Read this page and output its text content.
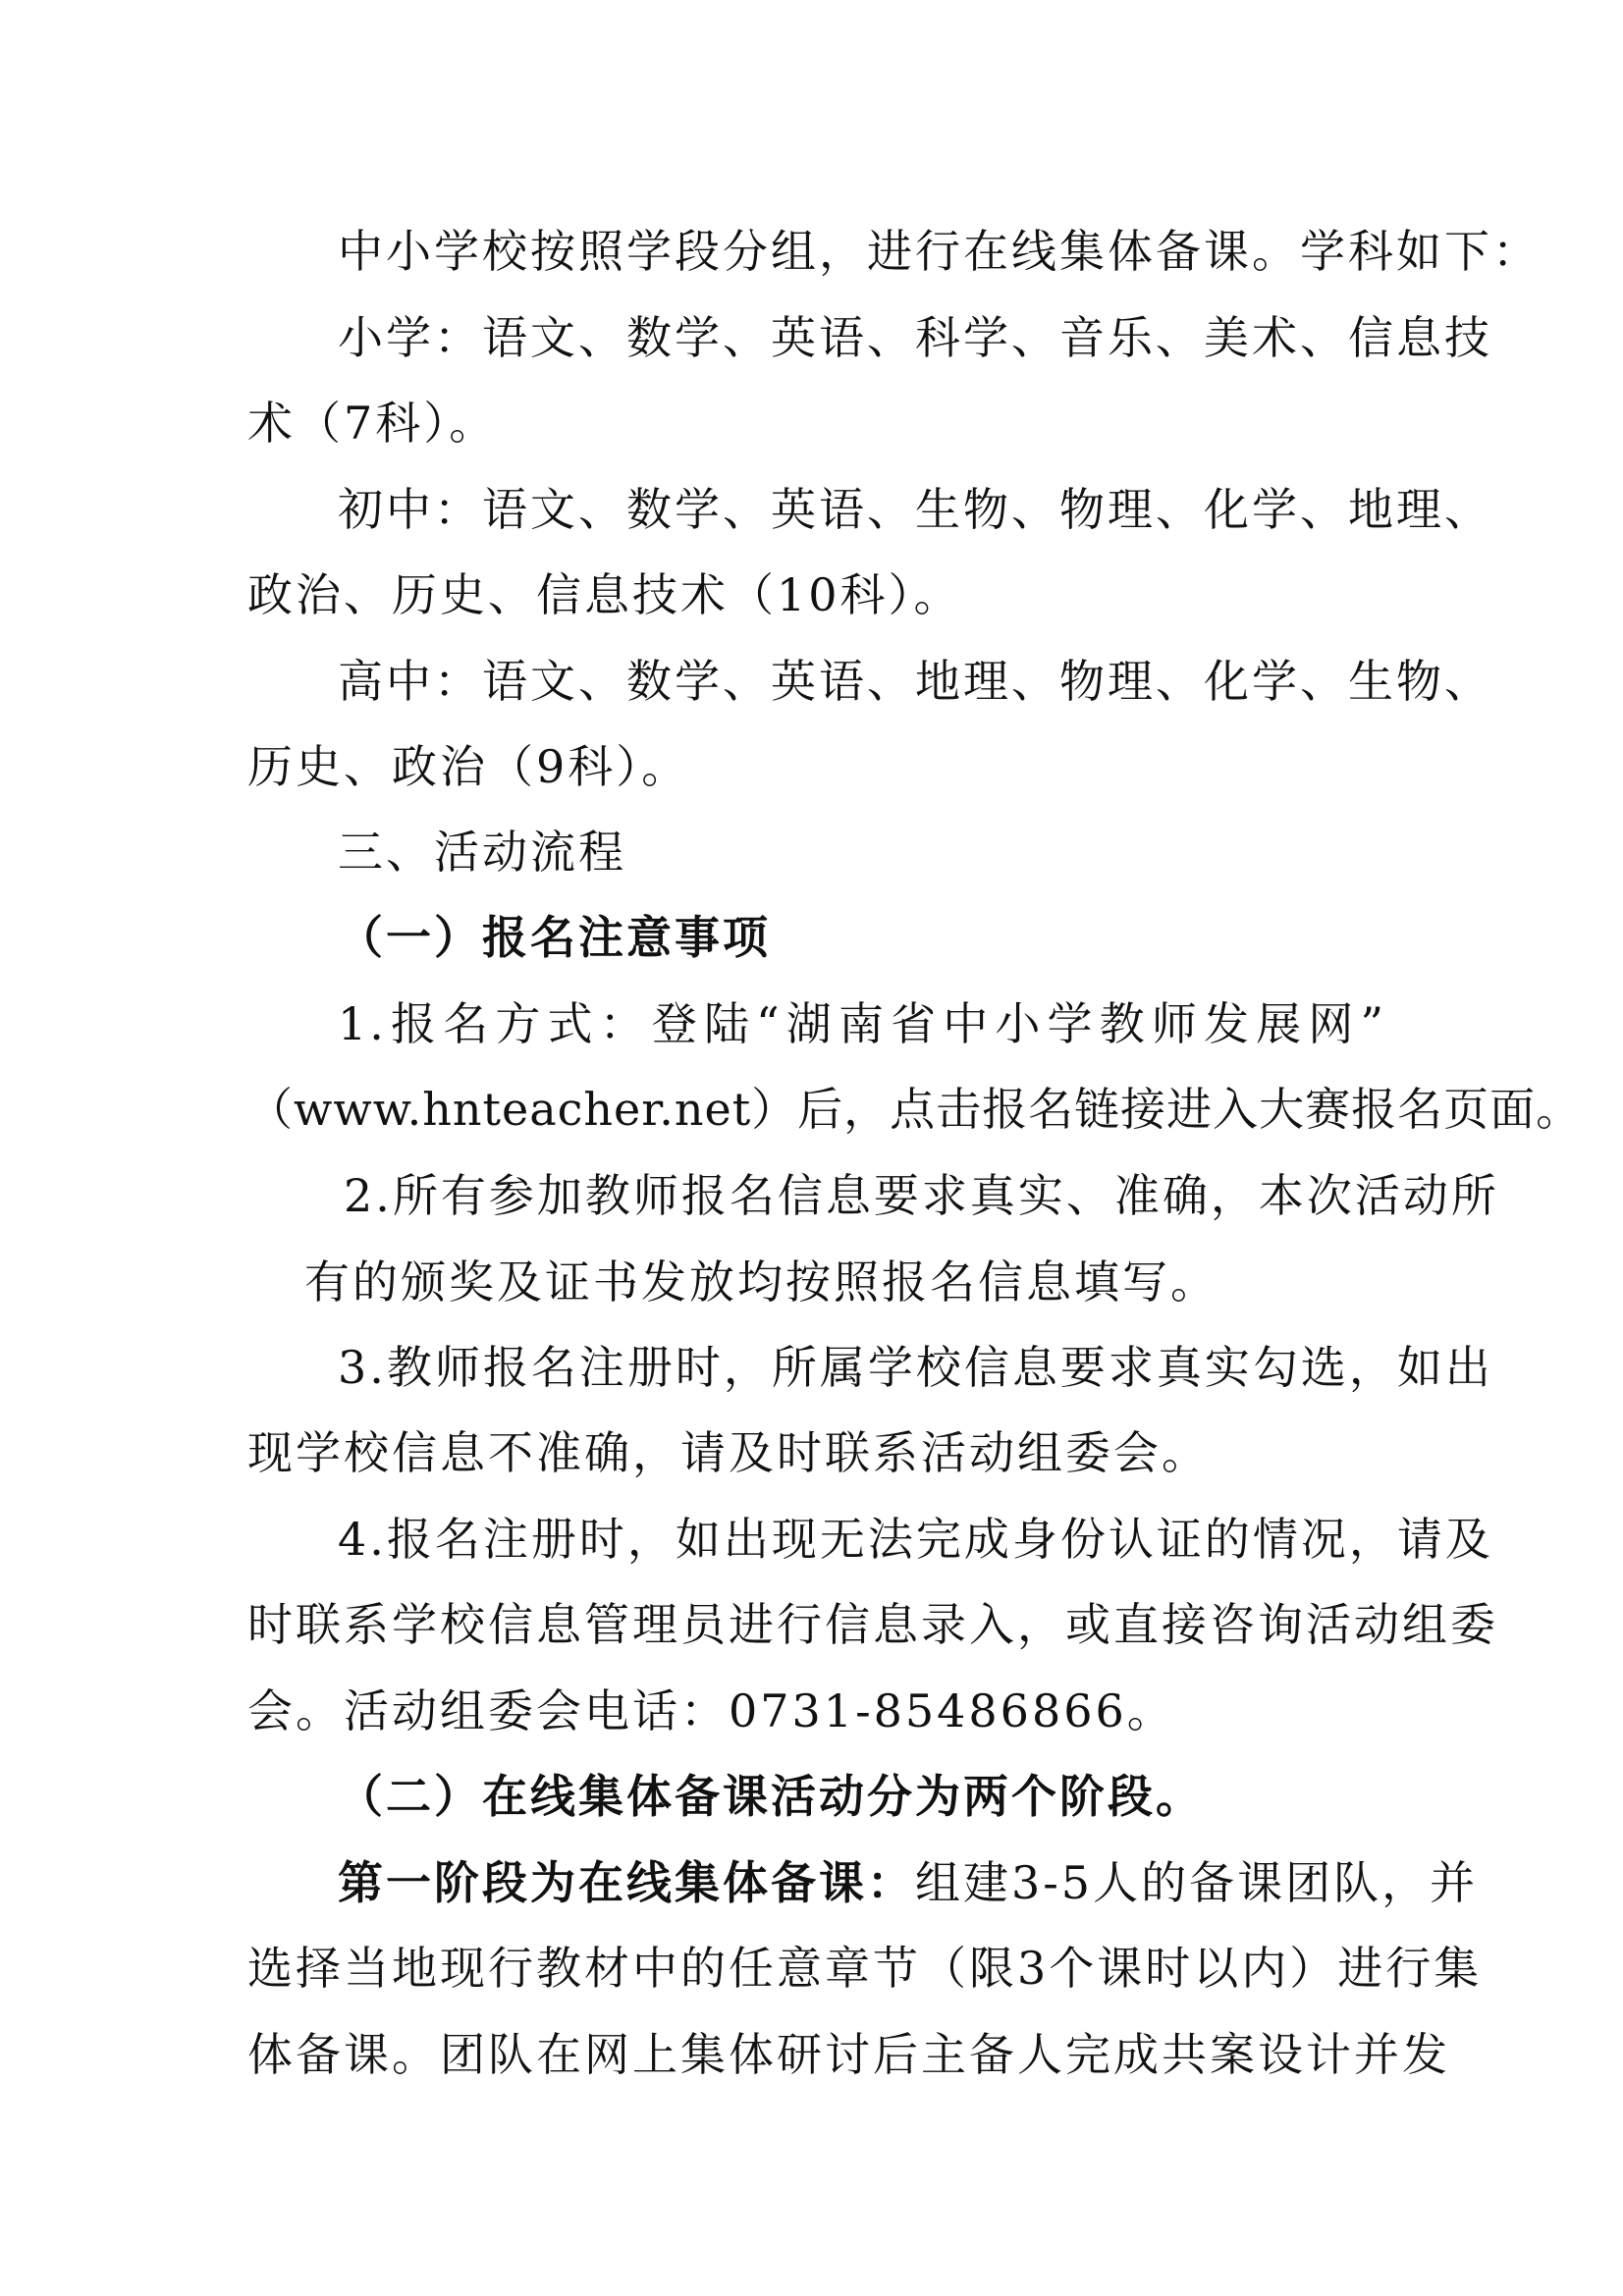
中小学校按照学段分组，进行在线集体备课。学科如下：
小学：语文、数学、英语、科学、音乐、美术、信息技
术（7科）。
初中：语文、数学、英语、生物、物理、化学、地理、
政治、历史、信息技术（10科）。
高中：语文、数学、英语、地理、物理、化学、生物、
历史、政治（9科）。
三、活动流程
（一）报名注意事项
1.报名方式：登陆“湖南省中小学教师发展网”
（www.hnteacher.net）后，点击报名链接进入大赛报名页面。
2.所有参加教师报名信息要求真实、准确，本次活动所
有的颁奖及证书发放均按照报名信息填写。
3.教师报名注册时，所属学校信息要求真实勾选，如出
现学校信息不准确，请及时联系活动组委会。
4.报名注册时，如出现无法完成身份认证的情况，请及
时联系学校信息管理员进行信息录入，或直接咨询活动组委
会。活动组委会电话：0731-85486866。
（二）在线集体备课活动分为两个阶段。
第一阶段为在线集体备课：组建3-5人的备课团队，并
选择当地现行教材中的任意章节（限3个课时以内）进行集
体备课。团队在网上集体研讨后主备人完成共案设计并发
